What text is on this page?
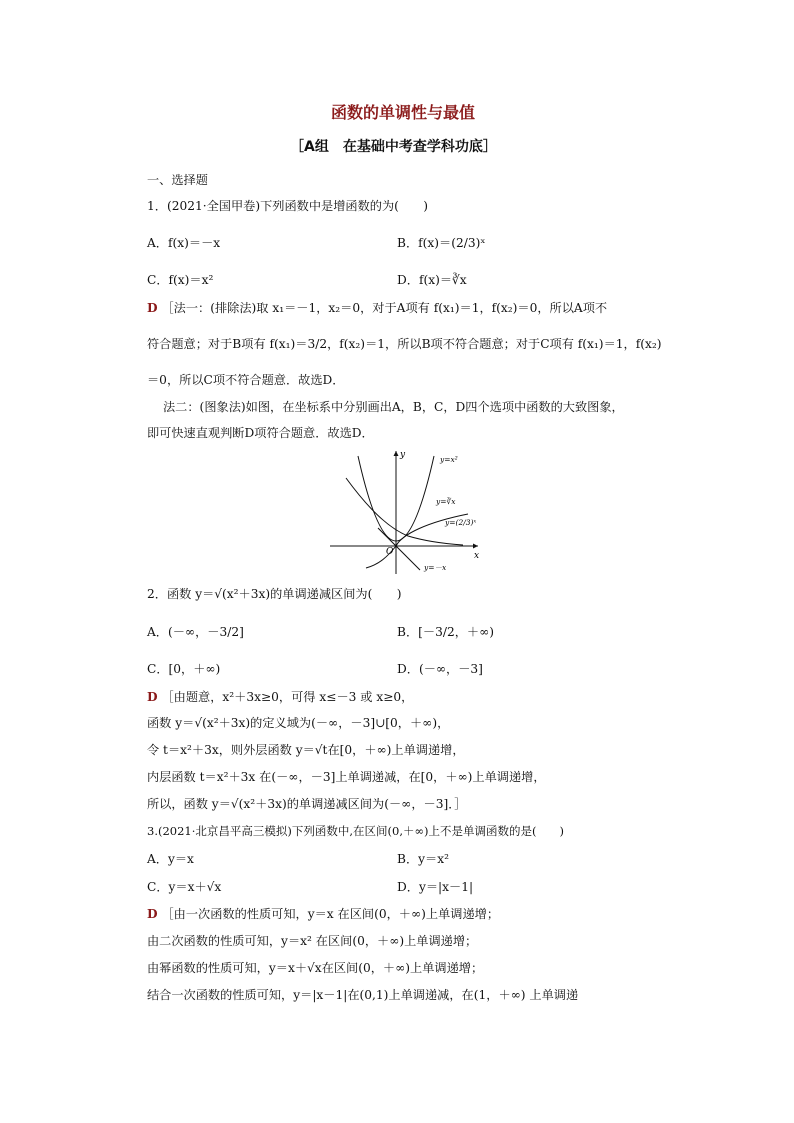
函数的单调性与最值
［A组　在基础中考查学科功底］
一、选择题
1．(2021·全国甲卷)下列函数中是增函数的为(　　)
A．f(x)＝－x	B．f(x)＝(2/3)ˣ
C．f(x)＝x²	D．f(x)＝∛x
D ［法一：(排除法)取 x₁＝－1，x₂＝0，对于A项有 f(x₁)＝1，f(x₂)＝0，所以A项不
符合题意；对于B项有 f(x₁)＝3/2，f(x₂)＝1，所以B项不符合题意；对于C项有 f(x₁)＝1，f(x₂)
＝0，所以C项不符合题意．故选D．
法二：(图象法)如图，在坐标系中分别画出A，B，C，D四个选项中函数的大致图象，
即可快速直观判断D项符合题意．故选D．
y
x
O
y=x²
y=∛x
y=(2/3)ˣ
y=－x
2．函数 y＝√(x²＋3x)的单调递减区间为(　　)
A．(－∞，－3/2]	B．[－3/2，＋∞)
C．[0，＋∞)	D．(－∞，－3]
D ［由题意，x²＋3x≥0，可得 x≤－3 或 x≥0，
函数 y＝√(x²＋3x)的定义域为(－∞，－3]∪[0，＋∞)，
令 t＝x²＋3x，则外层函数 y＝√t在[0，＋∞)上单调递增，
内层函数 t＝x²＋3x 在(－∞，－3]上单调递减，在[0，＋∞)上单调递增，
所以，函数 y＝√(x²＋3x)的单调递减区间为(－∞，－3]．］
3.(2021·北京昌平高三模拟)下列函数中,在区间(0,＋∞)上不是单调函数的是(　　)
A．y＝x	B．y＝x²
C．y＝x＋√x	D．y＝|x－1|
D ［由一次函数的性质可知，y＝x 在区间(0，＋∞)上单调递增；
由二次函数的性质可知，y＝x² 在区间(0，＋∞)上单调递增；
由幂函数的性质可知，y＝x＋√x在区间(0，＋∞)上单调递增；
结合一次函数的性质可知，y＝|x－1|在(0,1)上单调递减，在(1，＋∞) 上单调递
